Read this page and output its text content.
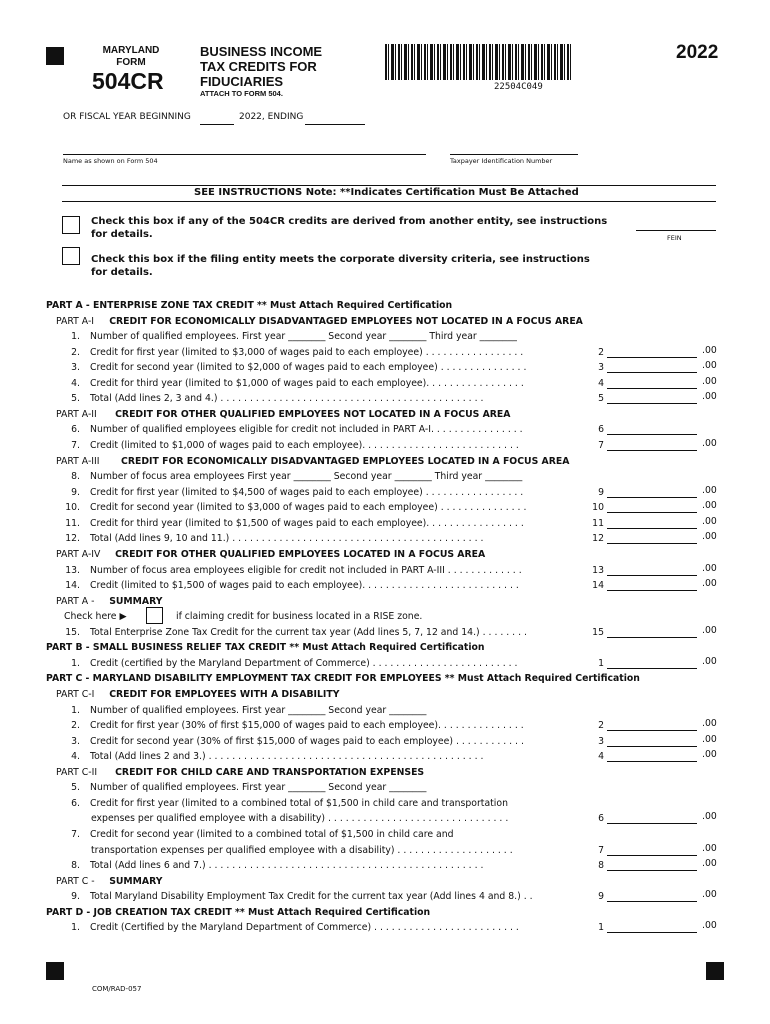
MARYLAND
FORM
504CR
BUSINESS INCOME
TAX CREDITS FOR
FIDUCIARIES
ATTACH TO FORM 504.
22504C049
2022
OR FISCAL YEAR BEGINNING	2022, ENDING
Name as shown on Form 504	Taxpayer Identification Number
SEE INSTRUCTIONS Note: **Indicates Certification Must Be Attached
Check this box if any of the 504CR credits are derived from another entity, see instructions
for details.	FEIN
Check this box if the filing entity meets the corporate diversity criteria, see instructions
for details.
PART A - ENTERPRISE ZONE TAX CREDIT ** Must Attach Required Certification
PART A-I CREDIT FOR ECONOMICALLY DISADVANTAGED EMPLOYEES NOT LOCATED IN A FOCUS AREA
1. Number of qualified employees. First year ________ Second year ________ Third year ________
2. Credit for first year (limited to $3,000 of wages paid to each employee) . . . . . . . . . . . . . . . . .	2	.00
3. Credit for second year (limited to $2,000 of wages paid to each employee) . . . . . . . . . . . . . . .	3	.00
4. Credit for third year (limited to $1,000 of wages paid to each employee). . . . . . . . . . . . . . . . .	4	.00
5. Total (Add lines 2, 3 and 4.) . . . . . . . . . . . . . . . . . . . . . . . . . . . . . . . . . . . . . . . . . . . . .	5	.00
PART A-II CREDIT FOR OTHER QUALIFIED EMPLOYEES NOT LOCATED IN A FOCUS AREA
6. Number of qualified employees eligible for credit not included in PART A-I. . . . . . . . . . . . . . . .	6
7. Credit (limited to $1,000 of wages paid to each employee). . . . . . . . . . . . . . . . . . . . . . . . . . .	7	.00
PART A-III CREDIT FOR ECONOMICALLY DISADVANTAGED EMPLOYEES LOCATED IN A FOCUS AREA
8. Number of focus area employees First year ________ Second year ________ Third year ________
9. Credit for first year (limited to $4,500 of wages paid to each employee) . . . . . . . . . . . . . . . . .	9	.00
10. Credit for second year (limited to $3,000 of wages paid to each employee) . . . . . . . . . . . . . . .	10	.00
11. Credit for third year (limited to $1,500 of wages paid to each employee). . . . . . . . . . . . . . . . .	11	.00
12. Total (Add lines 9, 10 and 11.) . . . . . . . . . . . . . . . . . . . . . . . . . . . . . . . . . . . . . . . . . . .	12	.00
PART A-IV CREDIT FOR OTHER QUALIFIED EMPLOYEES LOCATED IN A FOCUS AREA
13. Number of focus area employees eligible for credit not included in PART A-III . . . . . . . . . . . . .	13	.00
14. Credit (limited to $1,500 of wages paid to each employee). . . . . . . . . . . . . . . . . . . . . . . . . . .	14	.00
PART A - SUMMARY
Check here ▶	if claiming credit for business located in a RISE zone.
15. Total Enterprise Zone Tax Credit for the current tax year (Add lines 5, 7, 12 and 14.) . . . . . . . .	15	.00
PART B - SMALL BUSINESS RELIEF TAX CREDIT ** Must Attach Required Certification
1. Credit (certified by the Maryland Department of Commerce) . . . . . . . . . . . . . . . . . . . . . . . . .	1	.00
PART C - MARYLAND DISABILITY EMPLOYMENT TAX CREDIT FOR EMPLOYEES ** Must Attach Required Certification
PART C-I CREDIT FOR EMPLOYEES WITH A DISABILITY
1. Number of qualified employees. First year ________ Second year ________
2. Credit for first year (30% of first $15,000 of wages paid to each employee). . . . . . . . . . . . . . .	2	.00
3. Credit for second year (30% of first $15,000 of wages paid to each employee) . . . . . . . . . . . .	3	.00
4. Total (Add lines 2 and 3.) . . . . . . . . . . . . . . . . . . . . . . . . . . . . . . . . . . . . . . . . . . . . . . .	4	.00
PART C-II CREDIT FOR CHILD CARE AND TRANSPORTATION EXPENSES
5. Number of qualified employees. First year ________ Second year ________
6. Credit for first year (limited to a combined total of $1,500 in child care and transportation
expenses per qualified employee with a disability) . . . . . . . . . . . . . . . . . . . . . . . . . . . . . . .	6	.00
7. Credit for second year (limited to a combined total of $1,500 in child care and
transportation expenses per qualified employee with a disability) . . . . . . . . . . . . . . . . . . . .	7	.00
8. Total (Add lines 6 and 7.) . . . . . . . . . . . . . . . . . . . . . . . . . . . . . . . . . . . . . . . . . . . . . . .	8	.00
PART C - SUMMARY
9. Total Maryland Disability Employment Tax Credit for the current tax year (Add lines 4 and 8.) . .	9	.00
PART D - JOB CREATION TAX CREDIT ** Must Attach Required Certification
1. Credit (Certified by the Maryland Department of Commerce) . . . . . . . . . . . . . . . . . . . . . . . . .	1	.00
COM/RAD-057
